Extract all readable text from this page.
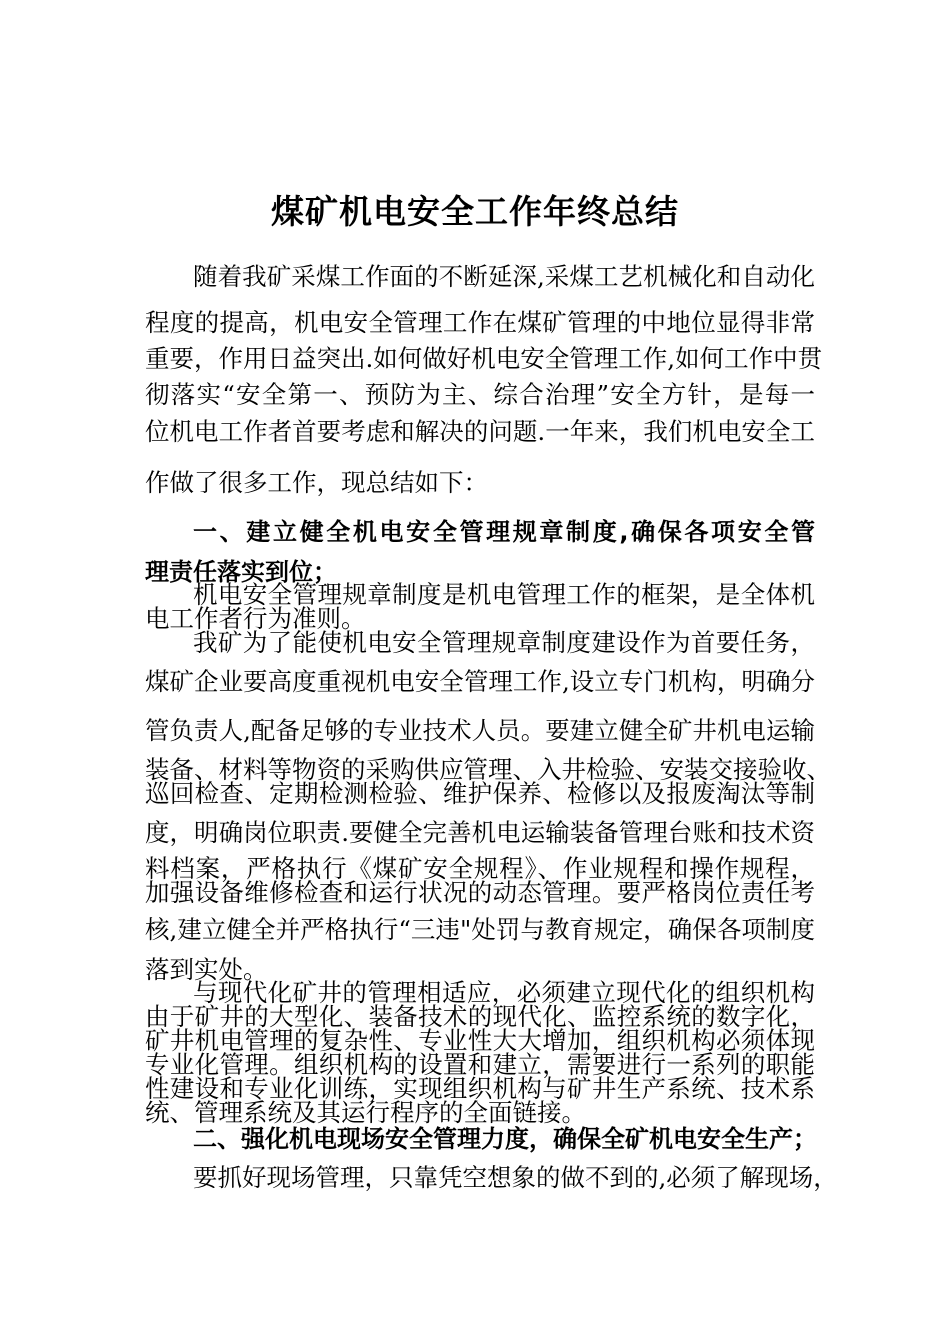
煤矿机电安全工作年终总结
随着我矿采煤工作面的不断延深,采煤工艺机械化和自动化
程度的提高，机电安全管理工作在煤矿管理的中地位显得非常
重要，作用日益突出.如何做好机电安全管理工作,如何工作中贯
彻落实“安全第一、预防为主、综合治理”安全方针，是每一
位机电工作者首要考虑和解决的问题.一年来，我们机电安全工
作做了很多工作，现总结如下：
一、建立健全机电安全管理规章制度,确保各项安全管
理责任落实到位；
机电安全管理规章制度是机电管理工作的框架，是全体机
电工作者行为准则。
我矿为了能使机电安全管理规章制度建设作为首要任务，
煤矿企业要高度重视机电安全管理工作,设立专门机构，明确分
管负责人,配备足够的专业技术人员。要建立健全矿井机电运输
装备、材料等物资的采购供应管理、入井检验、安装交接验收、
巡回检查、定期检测检验、维护保养、检修以及报废淘汰等制
度，明确岗位职责.要健全完善机电运输装备管理台账和技术资
料档案，严格执行《煤矿安全规程》、作业规程和操作规程，
加强设备维修检查和运行状况的动态管理。要严格岗位责任考
核,建立健全并严格执行“三违"处罚与教育规定，确保各项制度
落到实处。
与现代化矿井的管理相适应，必须建立现代化的组织机构
由于矿井的大型化、装备技术的现代化、监控系统的数字化，
矿井机电管理的复杂性、专业性大大增加，组织机构必须体现
专业化管理。组织机构的设置和建立，需要进行一系列的职能
性建设和专业化训练，实现组织机构与矿井生产系统、技术系
统、管理系统及其运行程序的全面链接。
二、强化机电现场安全管理力度，确保全矿机电安全生产；
要抓好现场管理，只靠凭空想象的做不到的,必须了解现场，
